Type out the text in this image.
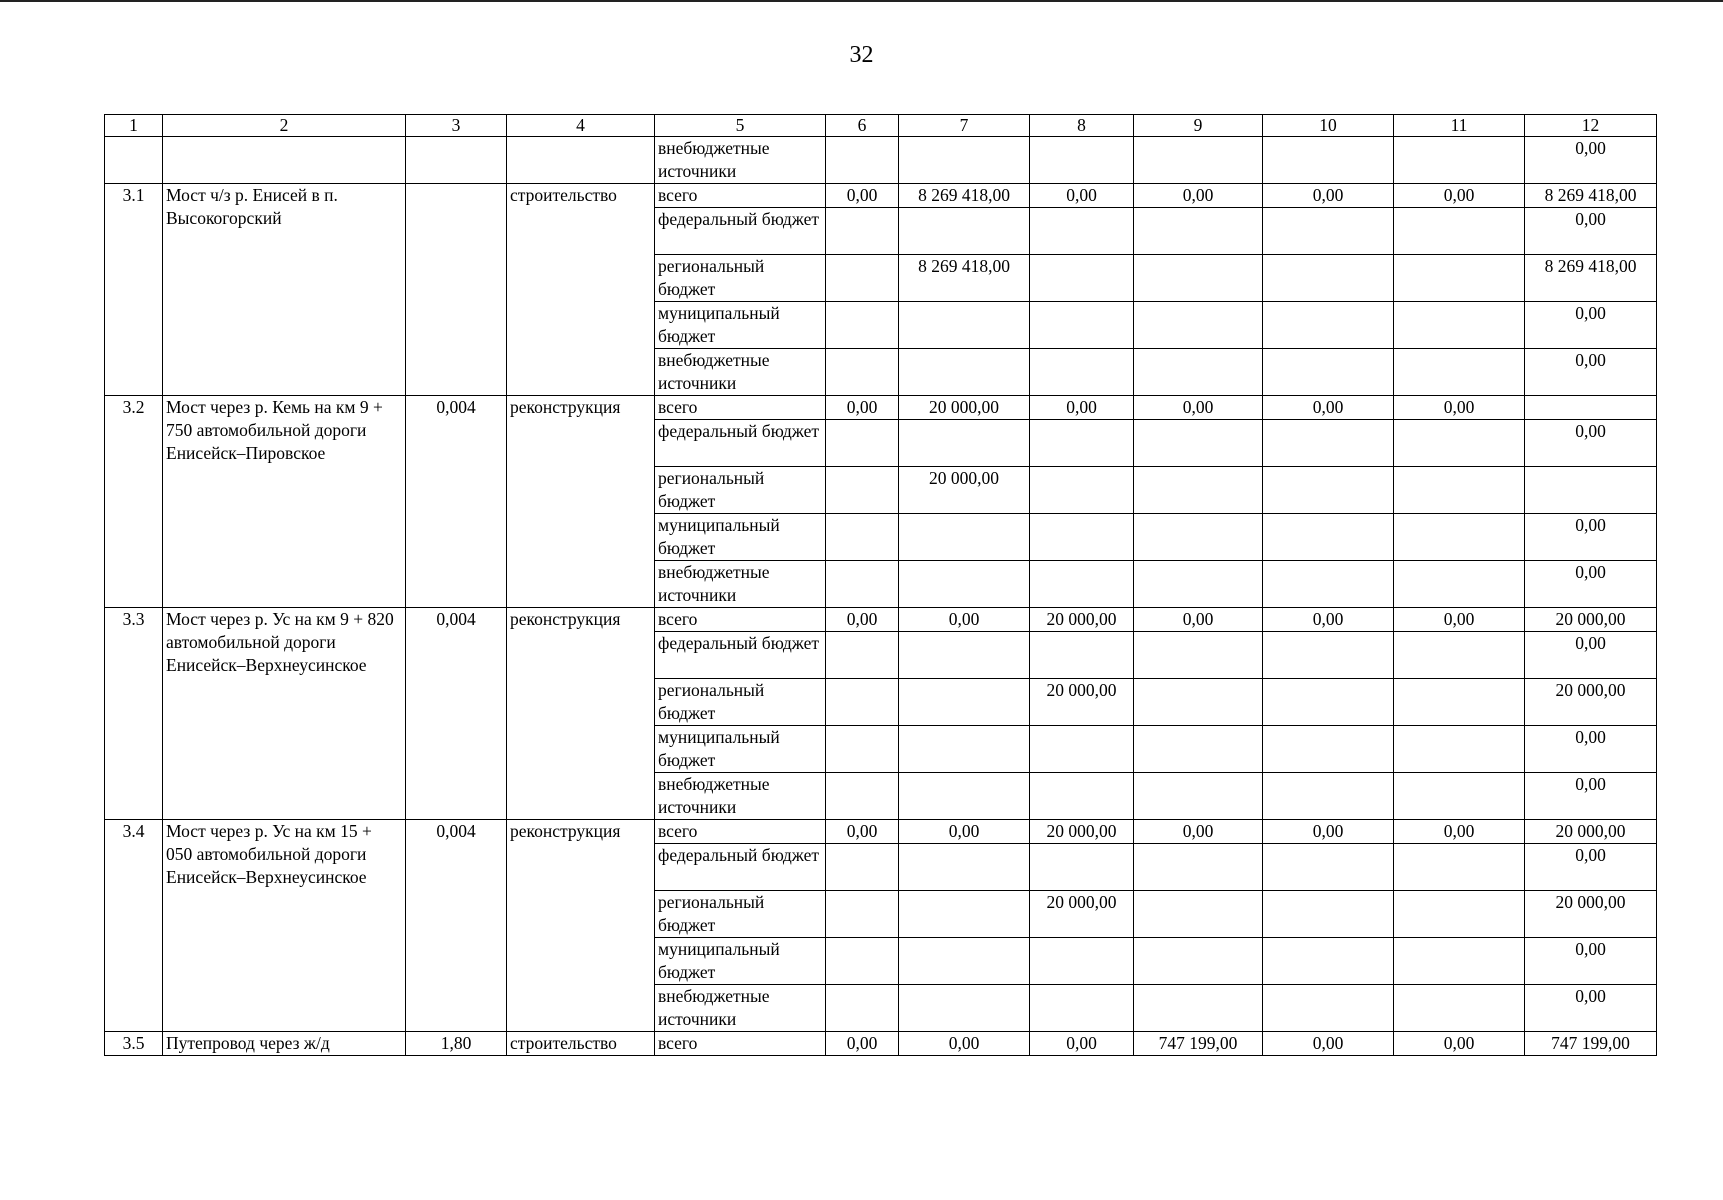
32
1	2	3	4	5	6	7	8	9	10	11	12
				внебюджетные источники							0,00
3.1	Мост ч/з р. Енисей в п. Высокогорский		строительство	всего	0,00	8 269 418,00	0,00	0,00	0,00	0,00	8 269 418,00
				федеральный бюджет							0,00
				региональный бюджет		8 269 418,00					8 269 418,00
				муниципальный бюджет							0,00
				внебюджетные источники							0,00
3.2	Мост через р. Кемь на км 9 + 750 автомобильной дороги Енисейск–Пировское	0,004	реконструкция	всего	0,00	20 000,00	0,00	0,00	0,00	0,00	
				федеральный бюджет							0,00
				региональный бюджет		20 000,00					
				муниципальный бюджет							0,00
				внебюджетные источники							0,00
3.3	Мост через р. Ус на км 9 + 820 автомобильной дороги Енисейск–Верхнеусинское	0,004	реконструкция	всего	0,00	0,00	20 000,00	0,00	0,00	0,00	20 000,00
				федеральный бюджет							0,00
				региональный бюджет			20 000,00				20 000,00
				муниципальный бюджет							0,00
				внебюджетные источники							0,00
3.4	Мост через р. Ус на км 15 + 050 автомобильной дороги Енисейск–Верхнеусинское	0,004	реконструкция	всего	0,00	0,00	20 000,00	0,00	0,00	0,00	20 000,00
				федеральный бюджет							0,00
				региональный бюджет			20 000,00				20 000,00
				муниципальный бюджет							0,00
				внебюджетные источники							0,00
3.5	Путепровод через ж/д	1,80	строительство	всего	0,00	0,00	0,00	747 199,00	0,00	0,00	747 199,00
